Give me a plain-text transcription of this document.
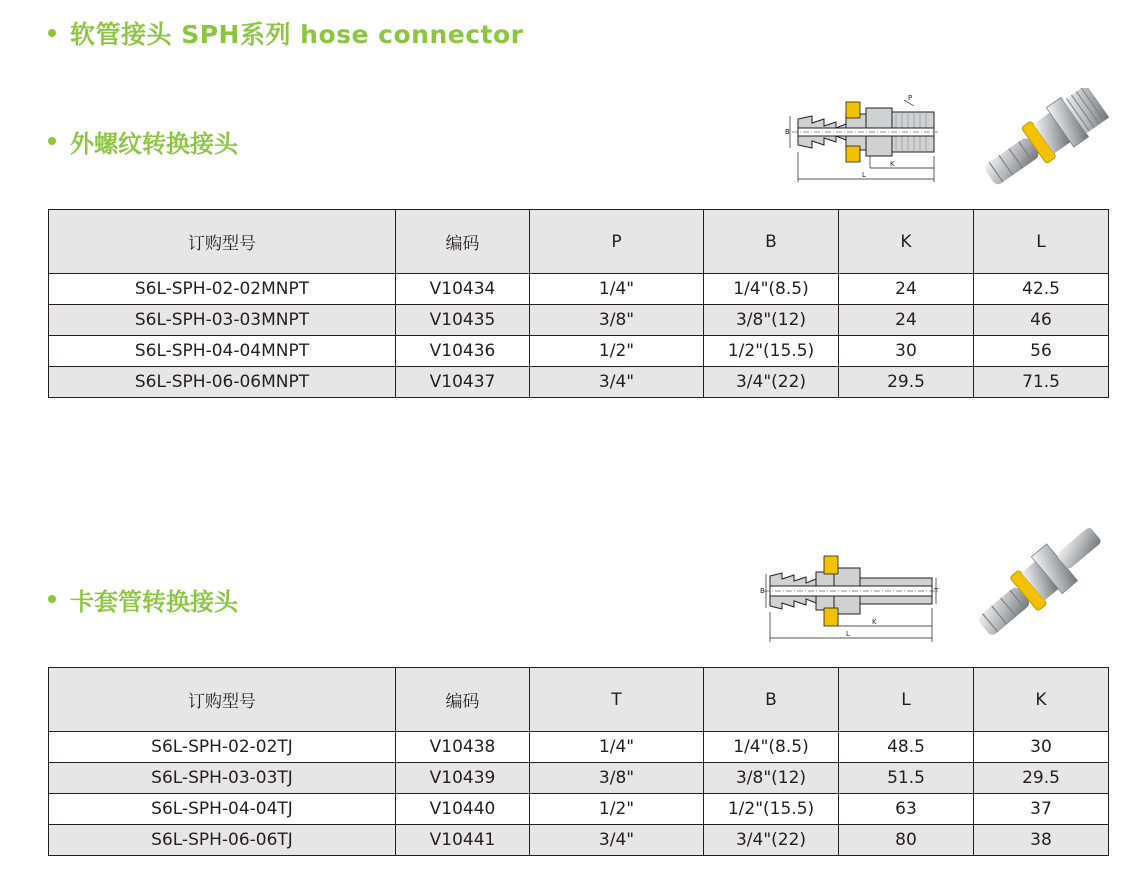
软管接头 SPH系列 hose connector
外螺纹转换接头	B
P
K
L
订购型号	编码	P	B	K	L
S6L-SPH-02-02MNPT	V10434	1/4"	1/4"(8.5)	24	42.5
S6L-SPH-03-03MNPT	V10435	3/8"	3/8"(12)	24	46
S6L-SPH-04-04MNPT	V10436	1/2"	1/2"(15.5)	30	56
S6L-SPH-06-06MNPT	V10437	3/4"	3/4"(22)	29.5	71.5
卡套管转换接头	B	T
K
L
订购型号	编码	T	B	L	K
S6L-SPH-02-02TJ	V10438	1/4"	1/4"(8.5)	48.5	30
S6L-SPH-03-03TJ	V10439	3/8"	3/8"(12)	51.5	29.5
S6L-SPH-04-04TJ	V10440	1/2"	1/2"(15.5)	63	37
S6L-SPH-06-06TJ	V10441	3/4"	3/4"(22)	80	38
